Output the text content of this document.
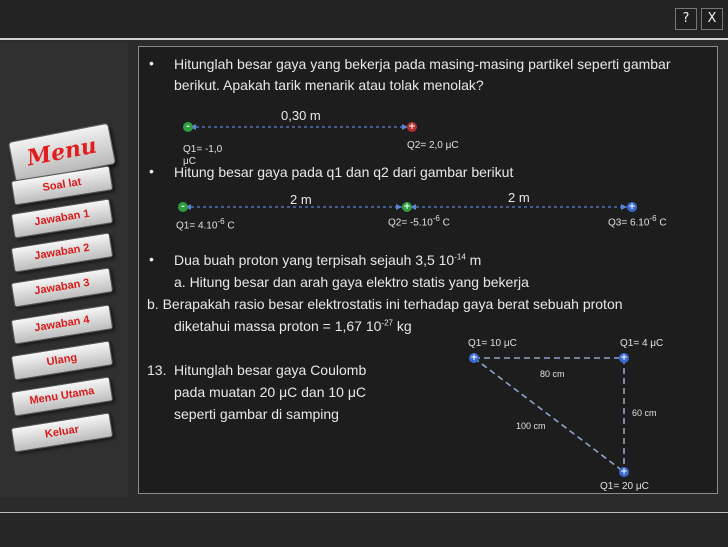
?	X
Menu
Soal lat
Jawaban 1
Jawaban 2
Jawaban 3
Jawaban 4
Ulang
Menu Utama
Keluar
• Hitunglah besar gaya yang bekerja pada masing-masing partikel seperti gambar
berikut. Apakah tarik menarik atau tolak menolak?
0,30 m
-	+
Q1= -1,0
μC
Q2= 2,0 μC
• Hitung besar gaya pada q1 dan q2 dari gambar berikut
2 m	2 m
-	+	+
$Q1= 4.10^{-6}$ C	$Q2= -5.10^{-6}$ C	$Q3= 6.10^{-6}$ C
• Dua buah proton yang terpisah sejauh 3,5 $10^{-14}$ m
a. Hitung besar dan arah gaya elektro statis yang bekerja
b. Berapakah rasio besar elektrostatis ini terhadap gaya berat sebuah proton
diketahui massa proton = 1,67 $10^{-27}$ kg
13. Hitunglah besar gaya Coulomb
pada muatan 20 μC dan 10 μC
seperti gambar di samping
Q1= 10 μC	Q1= 4 μC
Q1= 20 μC
80 cm
60 cm
100 cm
+	+
+
